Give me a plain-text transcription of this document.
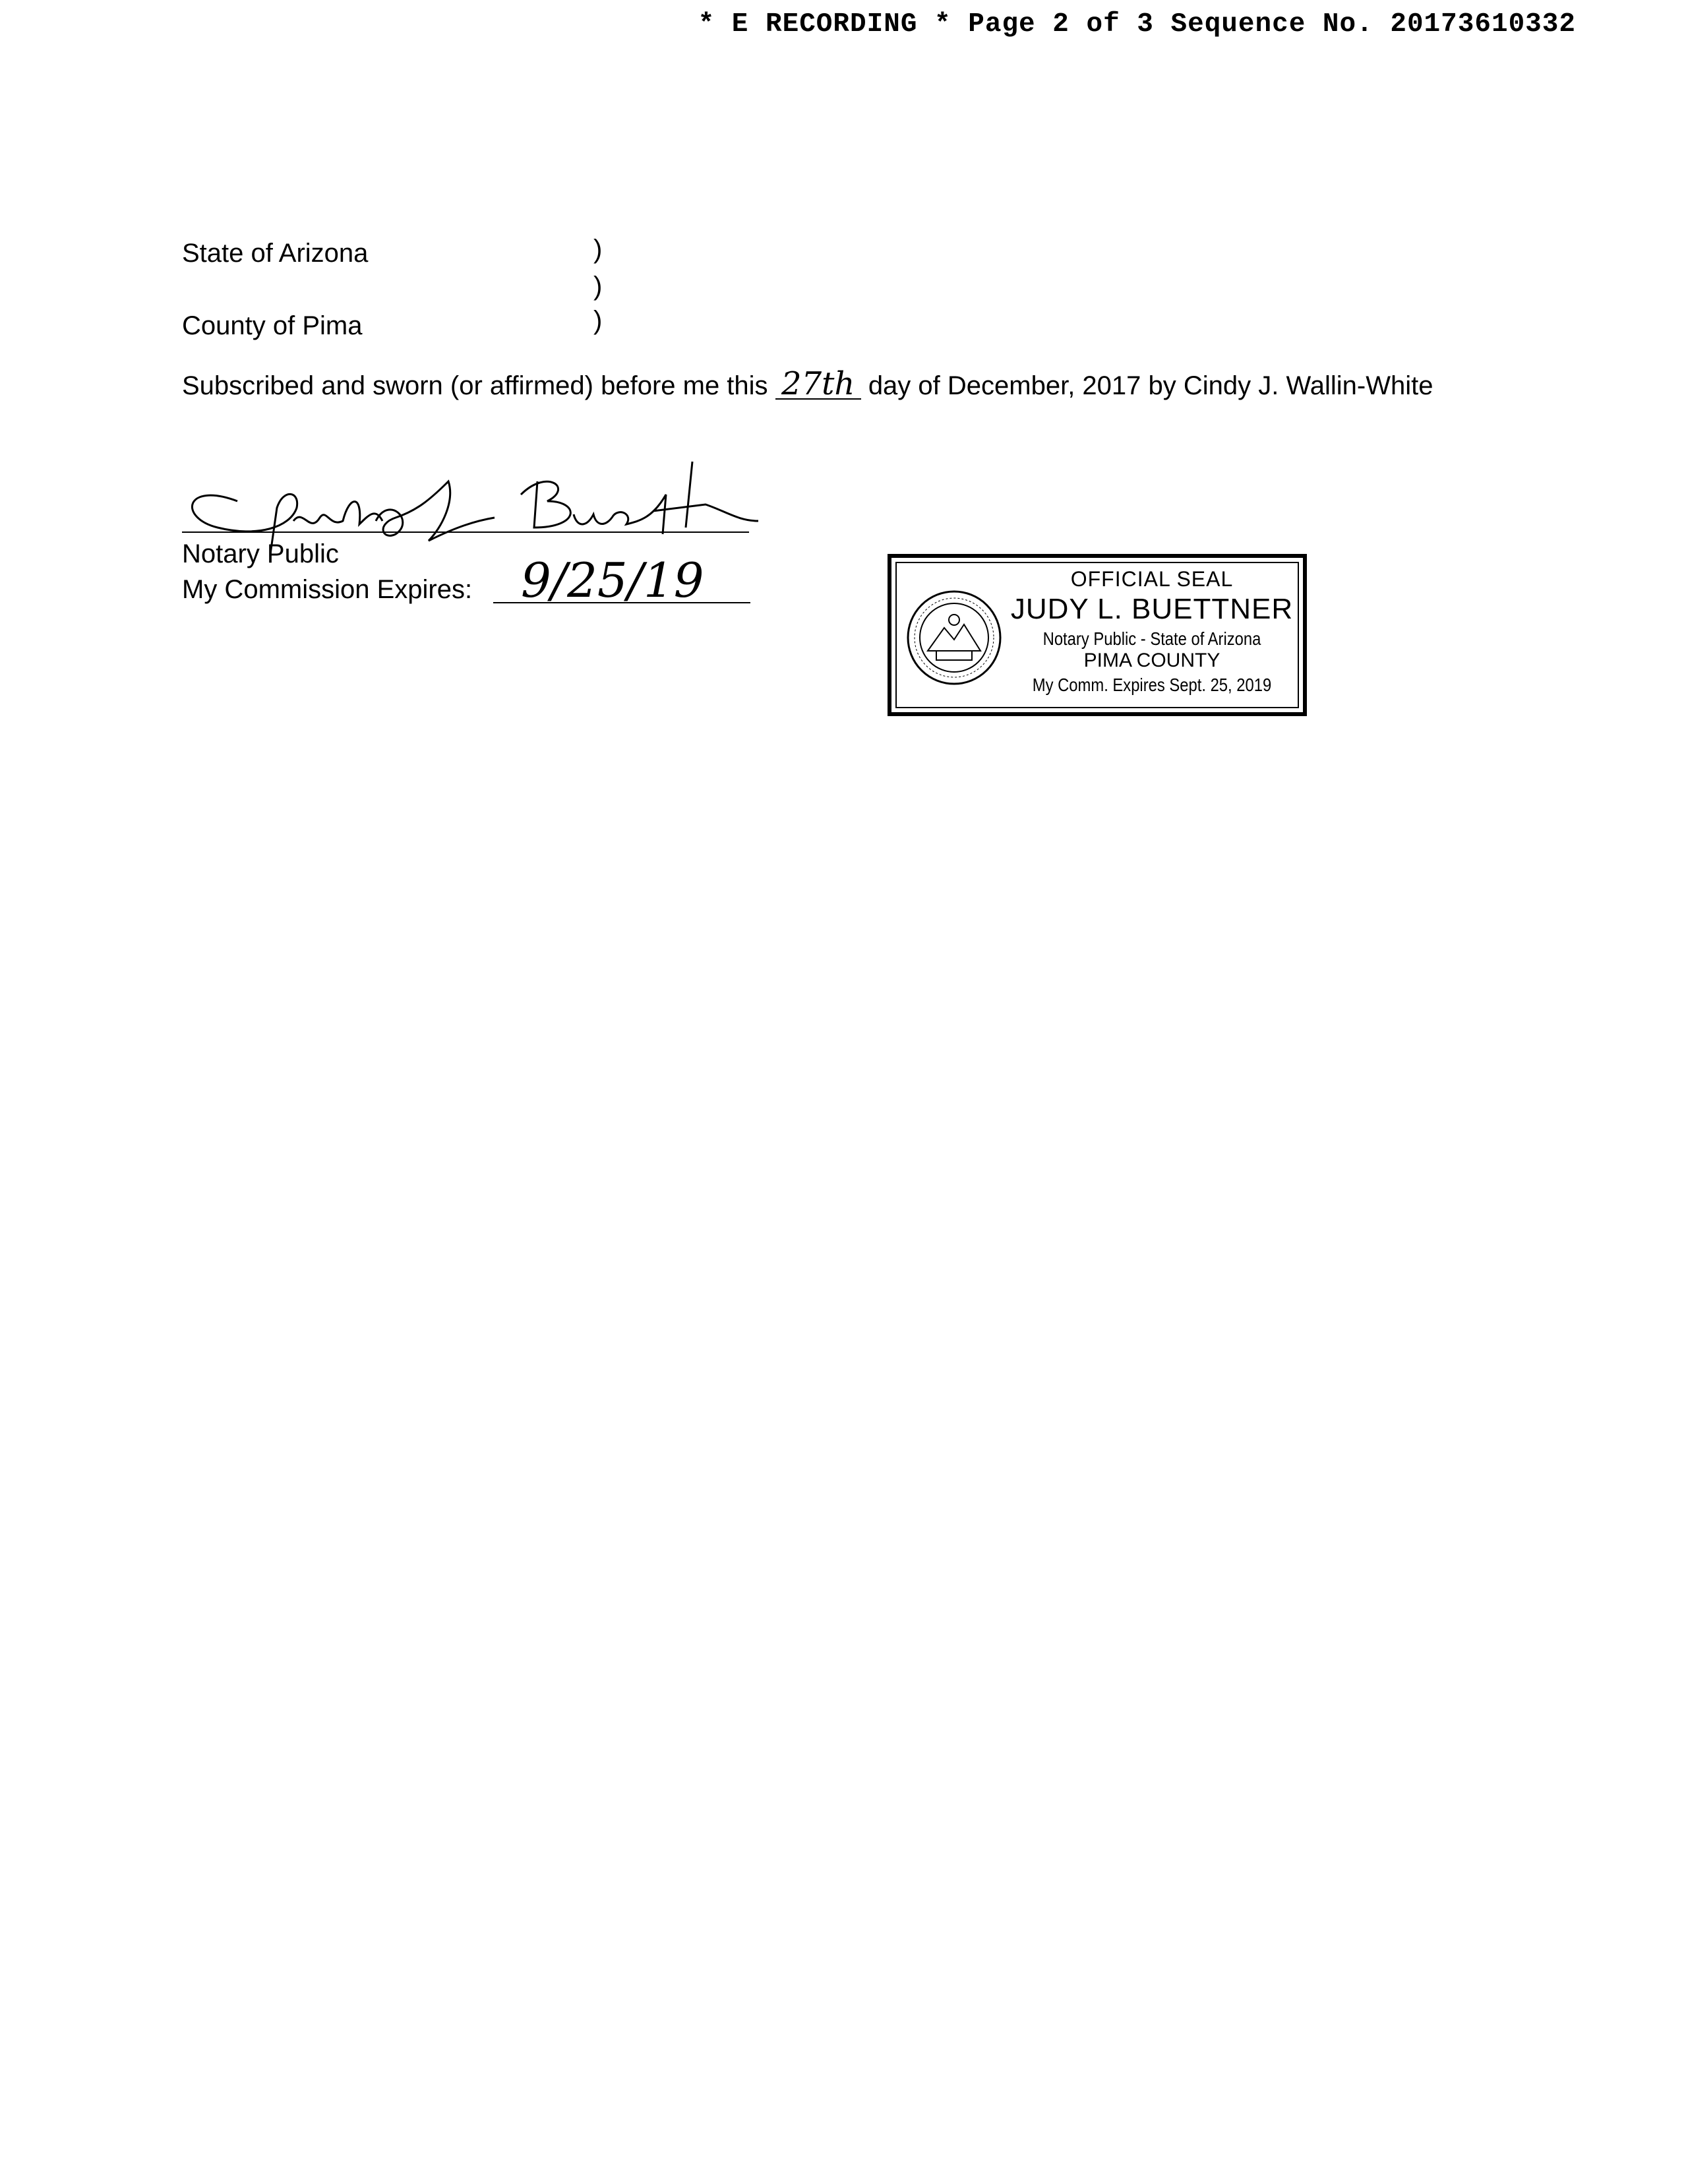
* E RECORDING * Page 2 of 3 Sequence No. 20173610332
State of Arizona
County of Pima
)
)
)
Subscribed and sworn (or affirmed) before me this 27th day of December, 2017 by Cindy J. Wallin-White
Notary Public
My Commission Expires: 9/25/19	OFFICIAL SEAL
JUDY L. BUETTNER
Notary Public - State of Arizona
PIMA COUNTY
My Comm. Expires Sept. 25, 2019
